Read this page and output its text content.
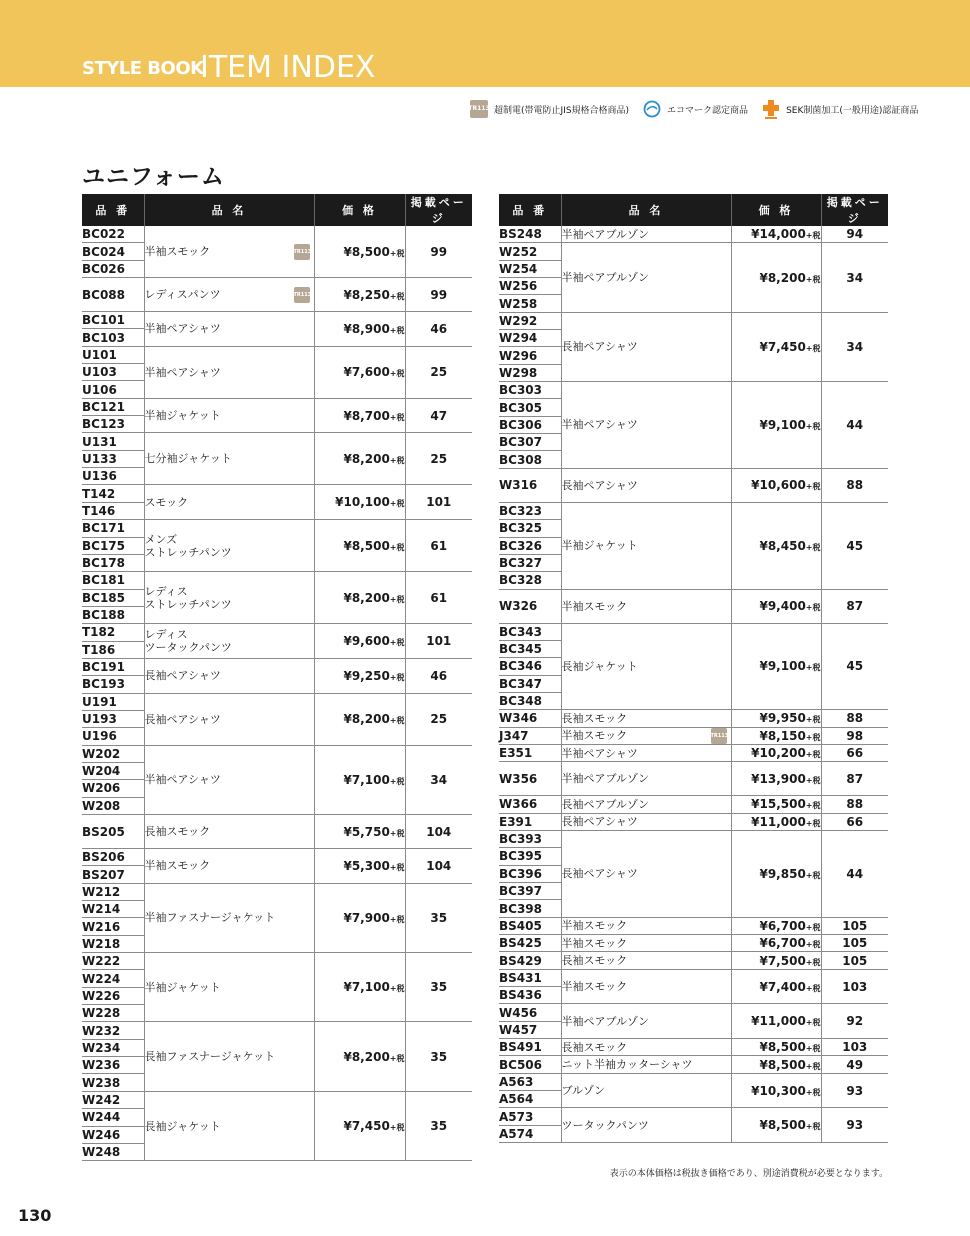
STYLE BOOK
ITEM INDEX
TR113 超制電(帯電防止JIS規格合格商品)	エコマーク認定商品	SEK制菌加工(一般用途)認証商品
ユニフォーム
品 番	品 名	価 格	掲載ページ
BC022	半袖スモック TR113	¥8,500+税	99
BC024			
BC026			
BC088	レディスパンツ TR113	¥8,250+税	99
BC101	半袖ペアシャツ	¥8,900+税	46
BC103			
U101	半袖ペアシャツ	¥7,600+税	25
U103			
U106			
BC121	半袖ジャケット	¥8,700+税	47
BC123			
U131	七分袖ジャケット	¥8,200+税	25
U133			
U136			
T142	スモック	¥10,100+税	101
T146			
BC171	メンズ
ストレッチパンツ	¥8,500+税	61
BC175			
BC178			
BC181	レディス
ストレッチパンツ	¥8,200+税	61
BC185			
BC188			
T182	レディス
ツータックパンツ	¥9,600+税	101
T186			
BC191	長袖ペアシャツ	¥9,250+税	46
BC193			
U191	長袖ペアシャツ	¥8,200+税	25
U193			
U196			
W202	半袖ペアシャツ	¥7,100+税	34
W204			
W206			
W208			
BS205	長袖スモック	¥5,750+税	104
BS206	半袖スモック	¥5,300+税	104
BS207			
W212	半袖ファスナージャケット	¥7,900+税	35
W214			
W216			
W218			
W222	半袖ジャケット	¥7,100+税	35
W224			
W226			
W228			
W232	長袖ファスナージャケット	¥8,200+税	35
W234			
W236			
W238			
W242	長袖ジャケット	¥7,450+税	35
W244			
W246			
W248			
品 番	品 名	価 格	掲載ページ
BS248	半袖ペアブルゾン	¥14,000+税	94
W252	半袖ペアブルゾン	¥8,200+税	34
W254			
W256			
W258			
W292	長袖ペアシャツ	¥7,450+税	34
W294			
W296			
W298			
BC303	半袖ペアシャツ	¥9,100+税	44
BC305			
BC306			
BC307			
BC308			
W316	長袖ペアシャツ	¥10,600+税	88
BC323	半袖ジャケット	¥8,450+税	45
BC325			
BC326			
BC327			
BC328			
W326	半袖スモック	¥9,400+税	87
BC343	長袖ジャケット	¥9,100+税	45
BC345			
BC346			
BC347			
BC348			
W346	長袖スモック	¥9,950+税	88
J347	半袖スモック TR113	¥8,150+税	98
E351	半袖ペアシャツ	¥10,200+税	66
W356	半袖ペアブルゾン	¥13,900+税	87
W366	長袖ペアブルゾン	¥15,500+税	88
E391	長袖ペアシャツ	¥11,000+税	66
BC393	長袖ペアシャツ	¥9,850+税	44
BC395			
BC396			
BC397			
BC398			
BS405	半袖スモック	¥6,700+税	105
BS425	半袖スモック	¥6,700+税	105
BS429	長袖スモック	¥7,500+税	105
BS431	半袖スモック	¥7,400+税	103
BS436			
W456	半袖ペアブルゾン	¥11,000+税	92
W457			
BS491	長袖スモック	¥8,500+税	103
BC506	ニット半袖カッターシャツ	¥8,500+税	49
A563	ブルゾン	¥10,300+税	93
A564			
A573	ツータックパンツ	¥8,500+税	93
A574			
表示の本体価格は税抜き価格であり、別途消費税が必要となります。
130
